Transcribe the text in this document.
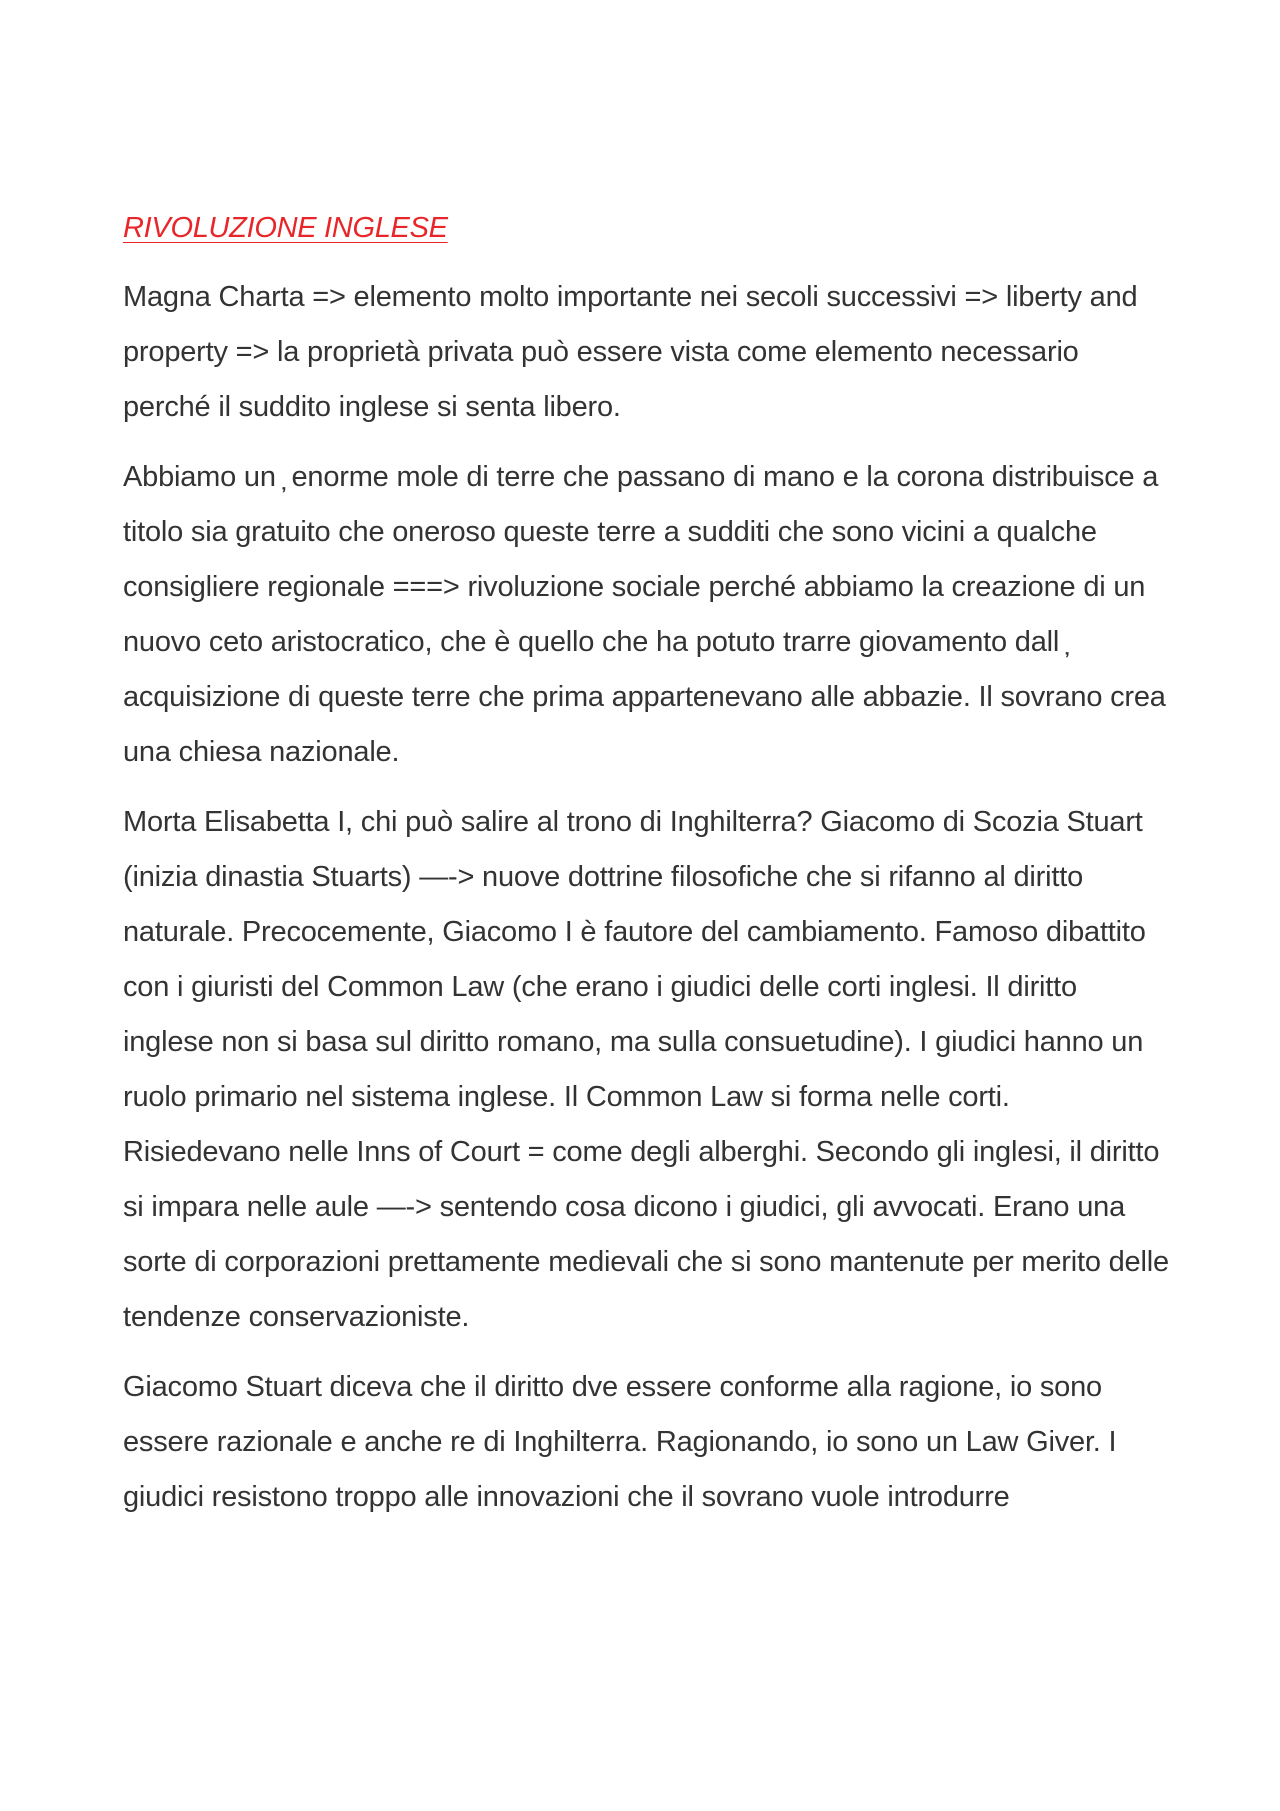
RIVOLUZIONE INGLESE
Magna Charta => elemento molto importante nei secoli successivi => liberty and property => la proprietà privata può essere vista come elemento necessario perché il suddito inglese si senta libero.
Abbiamo un ̦ enorme mole di terre che passano di mano e la corona distribuisce a titolo sia gratuito che oneroso queste terre a sudditi che sono vicini a qualche consigliere regionale ===> rivoluzione sociale perché abbiamo la creazione di un nuovo ceto aristocratico, che è quello che ha potuto trarre giovamento dall ̦ acquisizione di queste terre che prima appartenevano alle abbazie. Il sovrano crea una chiesa nazionale.
Morta Elisabetta I, chi può salire al trono di Inghilterra? Giacomo di Scozia Stuart (inizia dinastia Stuarts) —-> nuove dottrine ﬁlosoﬁche che si rifanno al diritto naturale. Precocemente, Giacomo I è fautore del cambiamento. Famoso dibattito con i giuristi del Common Law (che erano i giudici delle corti inglesi. Il diritto inglese non si basa sul diritto romano, ma sulla consuetudine). I giudici hanno un ruolo primario nel sistema inglese. Il Common Law si forma nelle corti. Risiedevano nelle Inns of Court = come degli alberghi. Secondo gli inglesi, il diritto si impara nelle aule —-> sentendo cosa dicono i giudici, gli avvocati. Erano una sorte di corporazioni prettamente medievali che si sono mantenute per merito delle tendenze conservazioniste.
Giacomo Stuart diceva che il diritto dve essere conforme alla ragione, io sono essere razionale e anche re di Inghilterra. Ragionando, io sono un Law Giver. I giudici resistono troppo alle innovazioni che il sovrano vuole introdurre
